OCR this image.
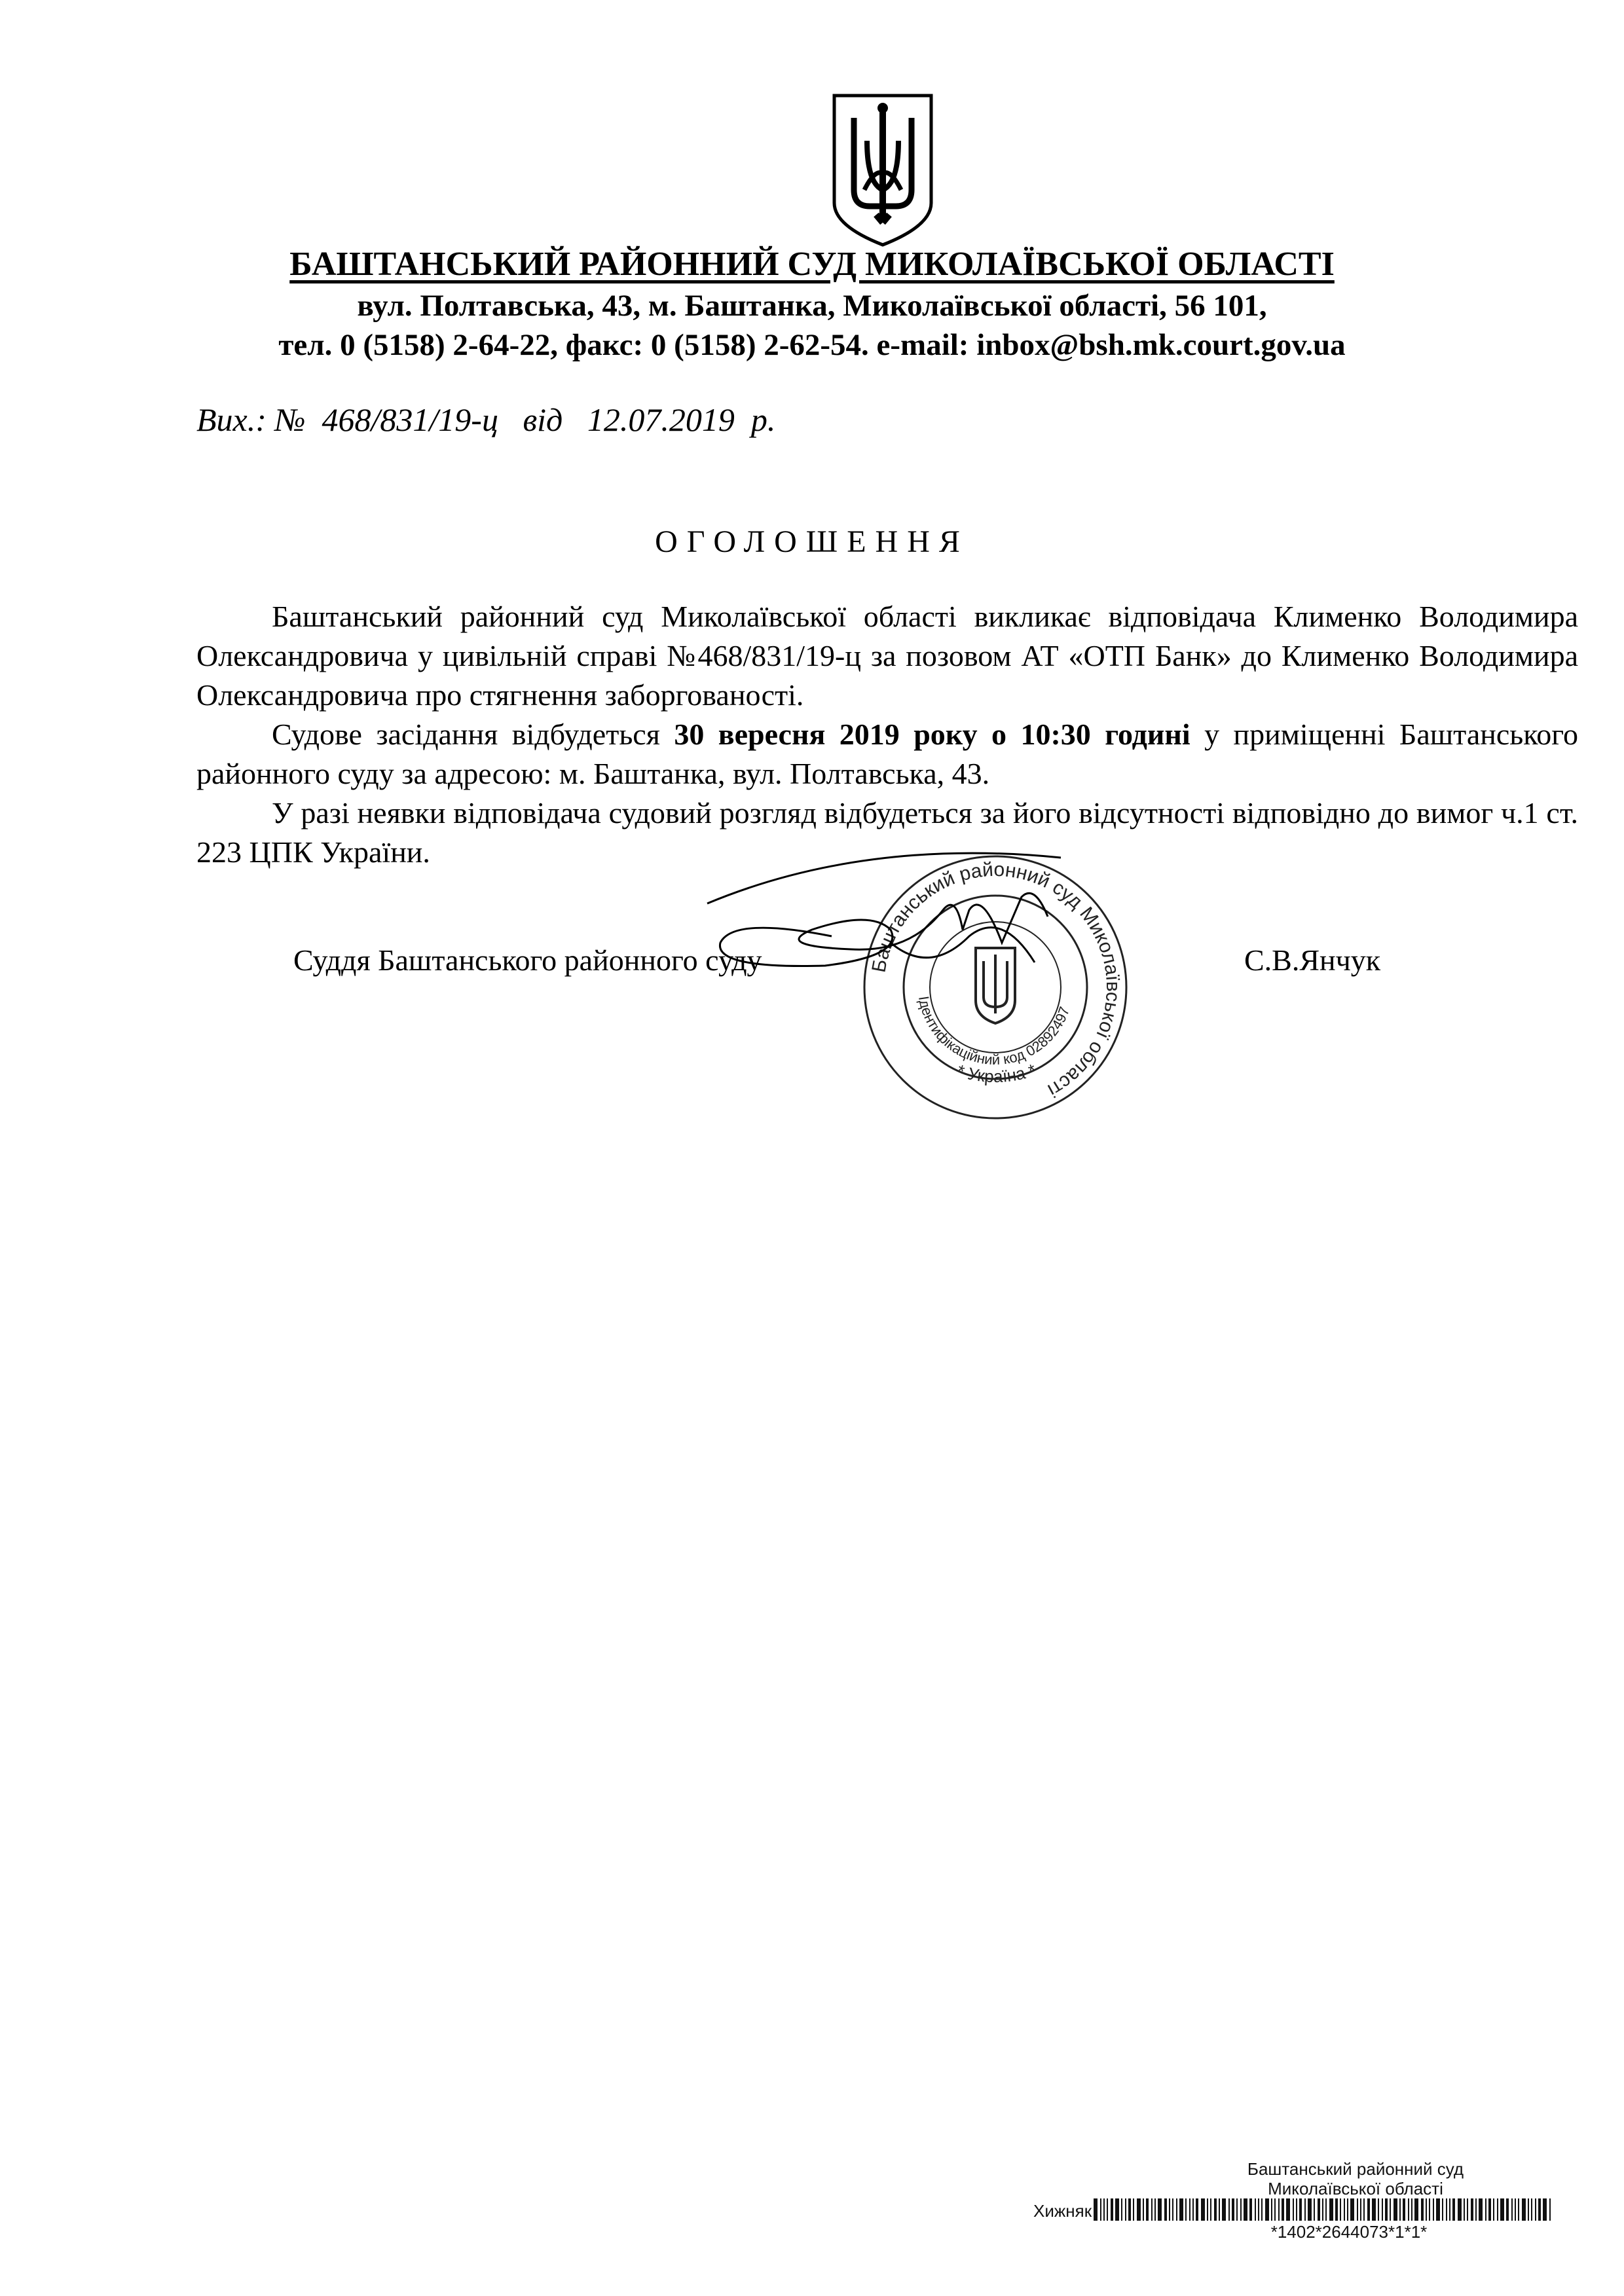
БАШТАНСЬКИЙ РАЙОННИЙ СУД МИКОЛАЇВСЬКОЇ ОБЛАСТІ
вул. Полтавська, 43, м. Баштанка, Миколаївської області, 56 101,
тел. 0 (5158) 2-64-22, факс: 0 (5158) 2-62-54. e-mail: inbox@bsh.mk.court.gov.ua
Вих.: №  468/831/19-ц   від   12.07.2019  р.
ОГОЛОШЕННЯ

Баштанський районний суд Миколаївської області викликає відповідача Клименко Володимира Олександровича у цивільній справі №468/831/19-ц за позовом АТ «ОТП Банк» до Клименко Володимира Олександровича про стягнення заборгованості.

Судове засідання відбудеться 30 вересня 2019 року о 10:30 годині у приміщенні Баштанського районного суду за адресою: м. Баштанка, вул. Полтавська, 43.

У разі неявки відповідача судовий розгляд відбудеться за його відсутності відповідно до вимог ч.1 ст. 223 ЦПК України.

Баштанський районний суд Миколаївської області
Ідентифікаційний код 02892497
* Україна *
Суддя Баштанського районного суду	С.В.Янчук
Баштанський районний суд
Миколаївської області
Хижняк
*1402*2644073*1*1*
